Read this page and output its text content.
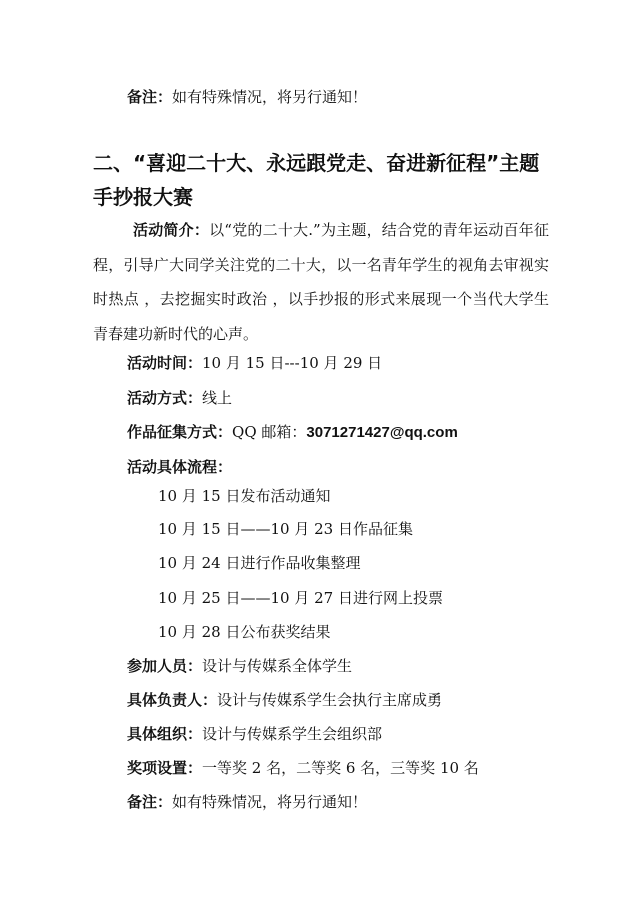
备注：如有特殊情况，将另行通知！
二、“喜迎二十大、永远跟党走、奋进新征程”主题
手抄报大赛
活动简介：以“党的二十大.”为主题，结合党的青年运动百年征程，引导广大同学关注党的二十大，以一名青年学生的视角去审视实时热点 ，去挖掘实时政治 ，以手抄报的形式来展现一个当代大学生青春建功新时代的心声。
活动时间：10 月 15 日---10 月 29 日
活动方式：线上
作品征集方式：QQ 邮箱：3071271427@qq.com
活动具体流程：
10 月 15 日发布活动通知
10 月 15 日——10 月 23 日作品征集
10 月 24 日进行作品收集整理
10 月 25 日——10 月 27 日进行网上投票
10 月 28 日公布获奖结果
参加人员：设计与传媒系全体学生
具体负责人：设计与传媒系学生会执行主席成勇
具体组织：设计与传媒系学生会组织部
奖项设置：一等奖 2 名，二等奖 6 名，三等奖 10 名
备注：如有特殊情况，将另行通知！
